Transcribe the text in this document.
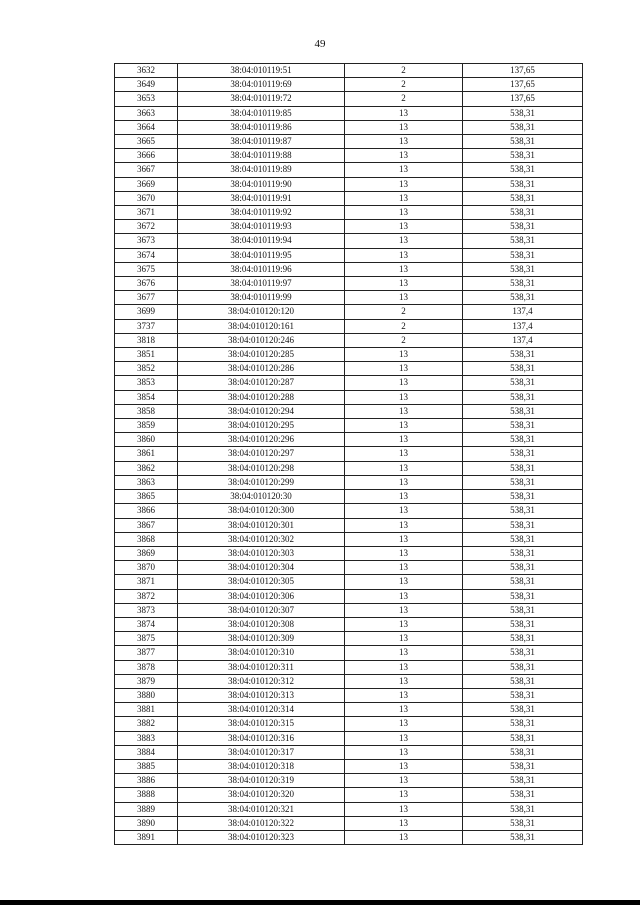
49
3632	38:04:010119:51	2	137,65
3649	38:04:010119:69	2	137,65
3653	38:04:010119:72	2	137,65
3663	38:04:010119:85	13	538,31
3664	38:04:010119:86	13	538,31
3665	38:04:010119:87	13	538,31
3666	38:04:010119:88	13	538,31
3667	38:04:010119:89	13	538,31
3669	38:04:010119:90	13	538,31
3670	38:04:010119:91	13	538,31
3671	38:04:010119:92	13	538,31
3672	38:04:010119:93	13	538,31
3673	38:04:010119:94	13	538,31
3674	38:04:010119:95	13	538,31
3675	38:04:010119:96	13	538,31
3676	38:04:010119:97	13	538,31
3677	38:04:010119:99	13	538,31
3699	38:04:010120:120	2	137,4
3737	38:04:010120:161	2	137,4
3818	38:04:010120:246	2	137,4
3851	38:04:010120:285	13	538,31
3852	38:04:010120:286	13	538,31
3853	38:04:010120:287	13	538,31
3854	38:04:010120:288	13	538,31
3858	38:04:010120:294	13	538,31
3859	38:04:010120:295	13	538,31
3860	38:04:010120:296	13	538,31
3861	38:04:010120:297	13	538,31
3862	38:04:010120:298	13	538,31
3863	38:04:010120:299	13	538,31
3865	38:04:010120:30	13	538,31
3866	38:04:010120:300	13	538,31
3867	38:04:010120:301	13	538,31
3868	38:04:010120:302	13	538,31
3869	38:04:010120:303	13	538,31
3870	38:04:010120:304	13	538,31
3871	38:04:010120:305	13	538,31
3872	38:04:010120:306	13	538,31
3873	38:04:010120:307	13	538,31
3874	38:04:010120:308	13	538,31
3875	38:04:010120:309	13	538,31
3877	38:04:010120:310	13	538,31
3878	38:04:010120:311	13	538,31
3879	38:04:010120:312	13	538,31
3880	38:04:010120:313	13	538,31
3881	38:04:010120:314	13	538,31
3882	38:04:010120:315	13	538,31
3883	38:04:010120:316	13	538,31
3884	38:04:010120:317	13	538,31
3885	38:04:010120:318	13	538,31
3886	38:04:010120:319	13	538,31
3888	38:04:010120:320	13	538,31
3889	38:04:010120:321	13	538,31
3890	38:04:010120:322	13	538,31
3891	38:04:010120:323	13	538,31
